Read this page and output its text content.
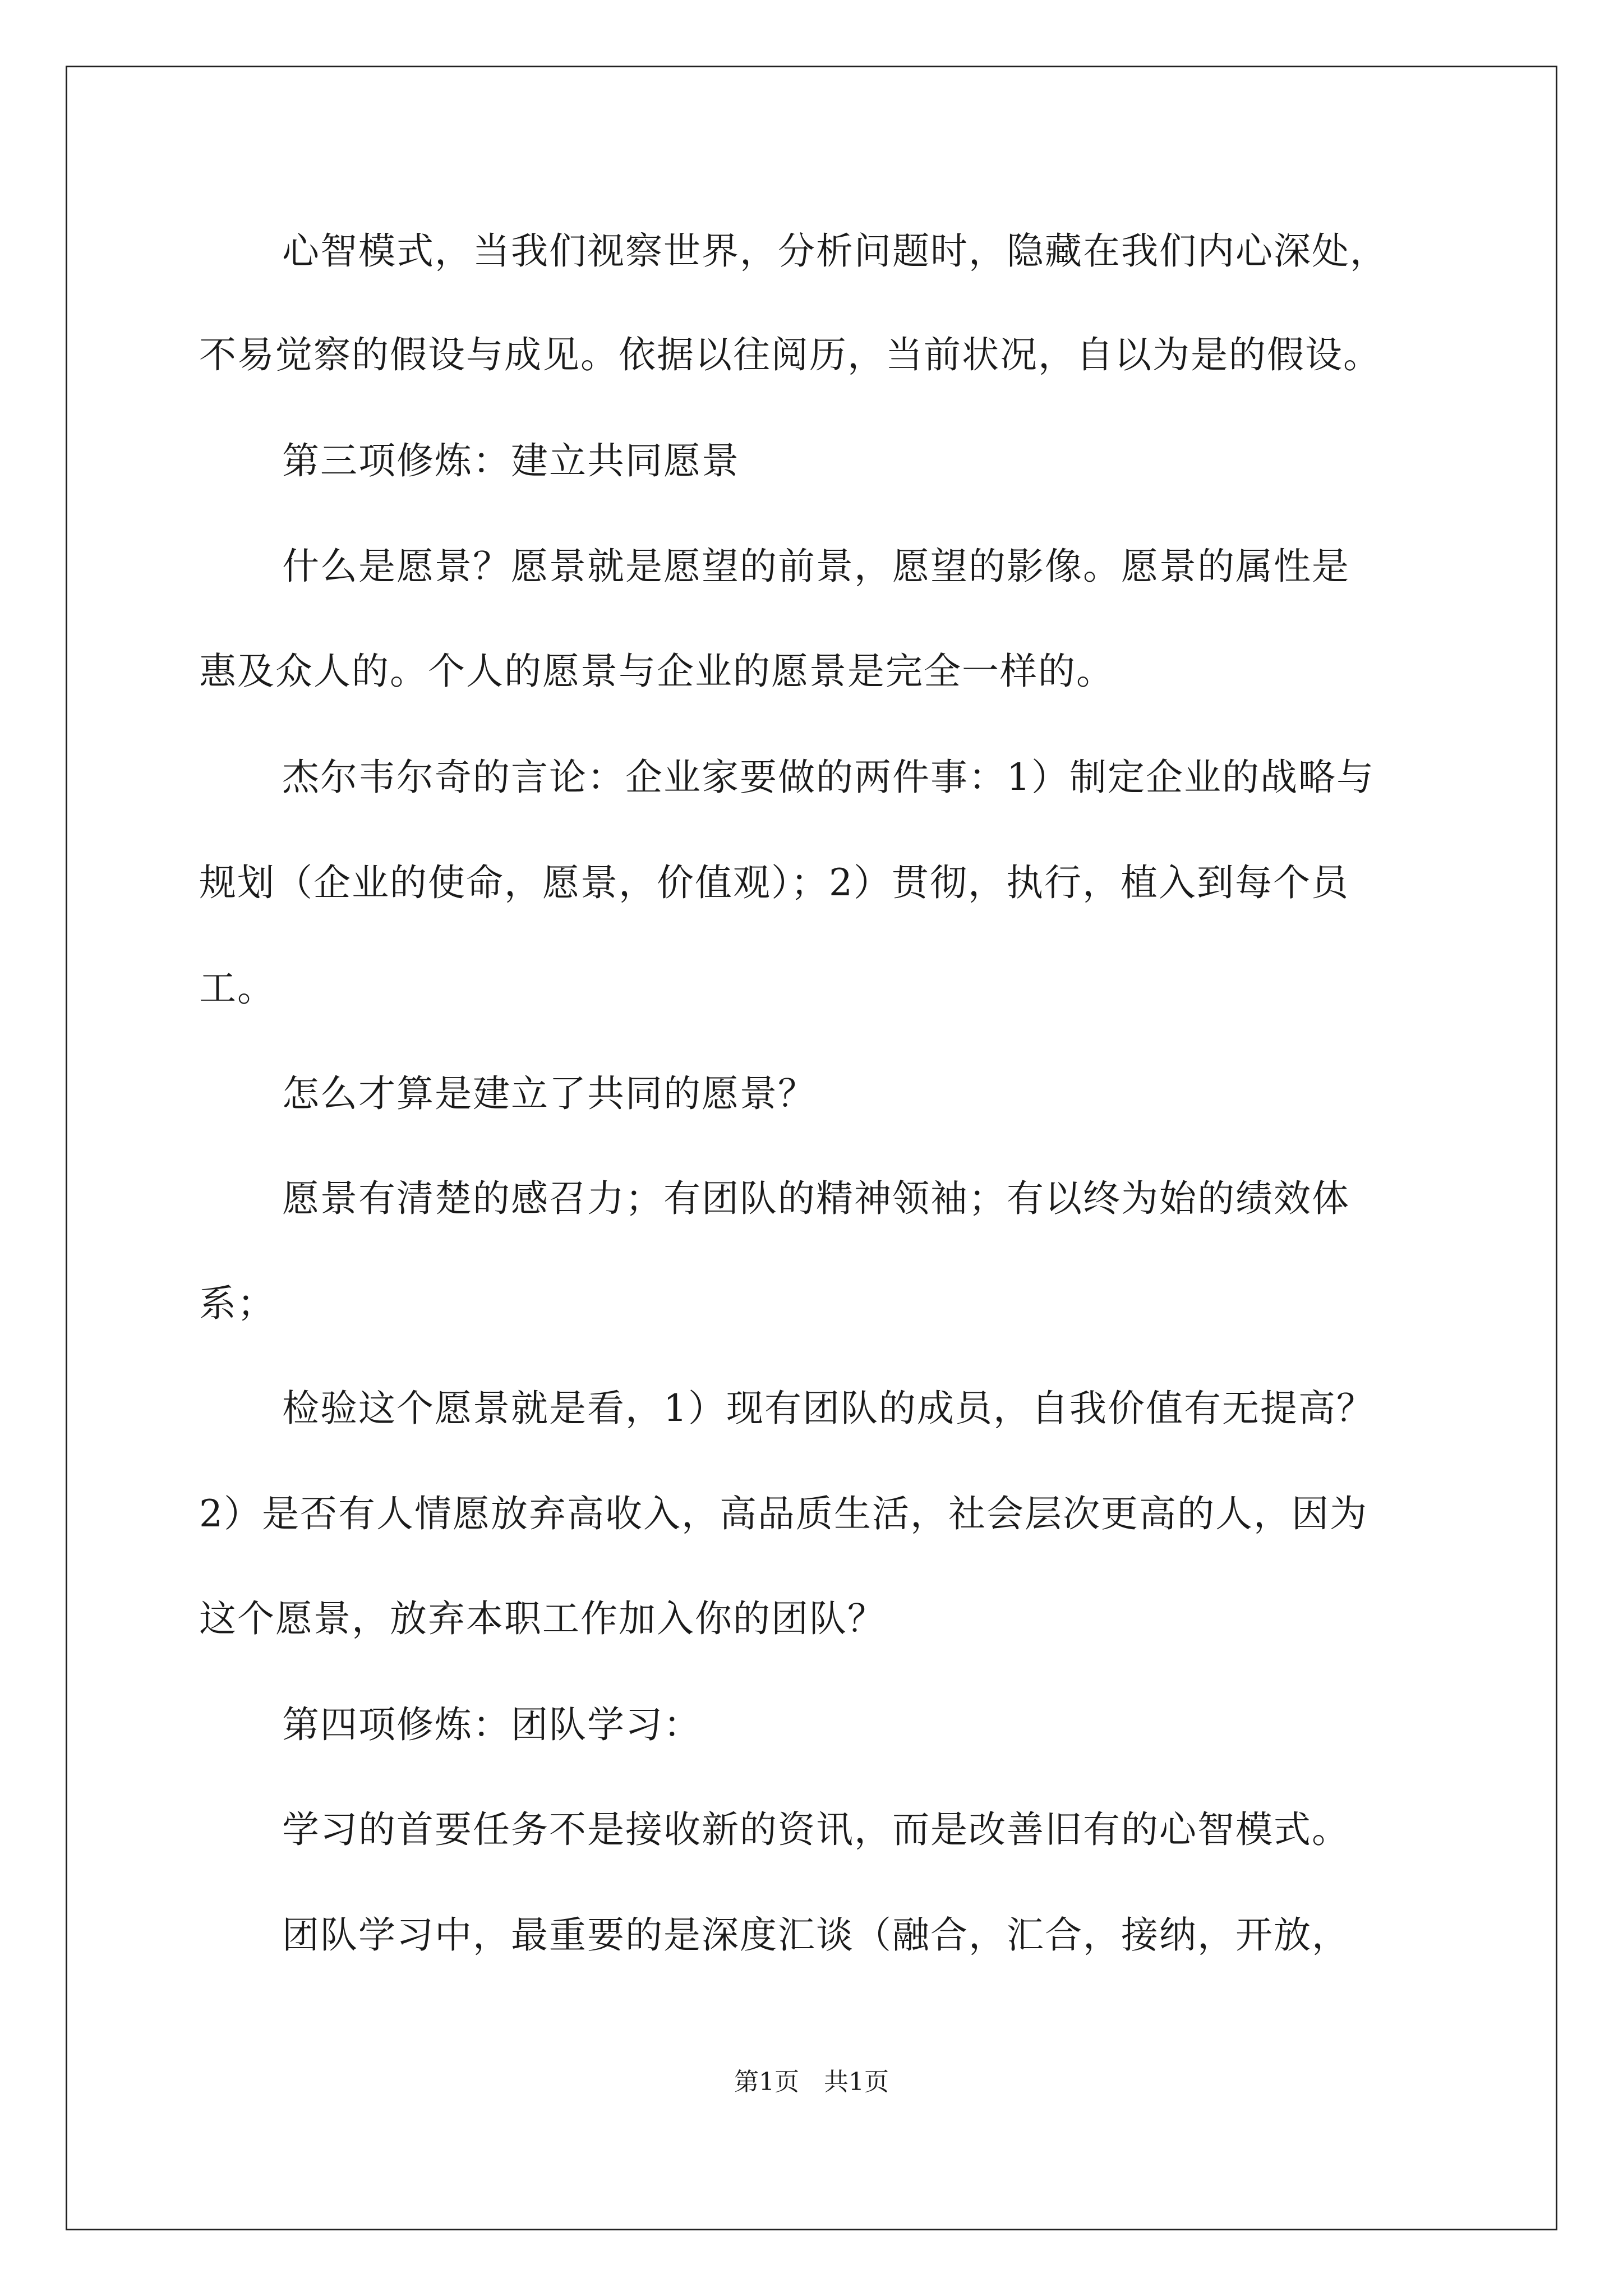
心智模式，当我们视察世界，分析问题时，隐藏在我们内心深处，
不易觉察的假设与成见。依据以往阅历，当前状况，自以为是的假设。
第三项修炼：建立共同愿景
什么是愿景？愿景就是愿望的前景，愿望的影像。愿景的属性是
惠及众人的。个人的愿景与企业的愿景是完全一样的。
杰尔韦尔奇的言论：企业家要做的两件事：1）制定企业的战略与
规划（企业的使命，愿景，价值观）；2）贯彻，执行，植入到每个员
工。
怎么才算是建立了共同的愿景？
愿景有清楚的感召力；有团队的精神领袖；有以终为始的绩效体
系；
检验这个愿景就是看，1）现有团队的成员，自我价值有无提高？
2）是否有人情愿放弃高收入，高品质生活，社会层次更高的人，因为
这个愿景，放弃本职工作加入你的团队？
第四项修炼：团队学习：
学习的首要任务不是接收新的资讯，而是改善旧有的心智模式。
团队学习中，最重要的是深度汇谈（融合，汇合，接纳，开放，
第1页　共1页
